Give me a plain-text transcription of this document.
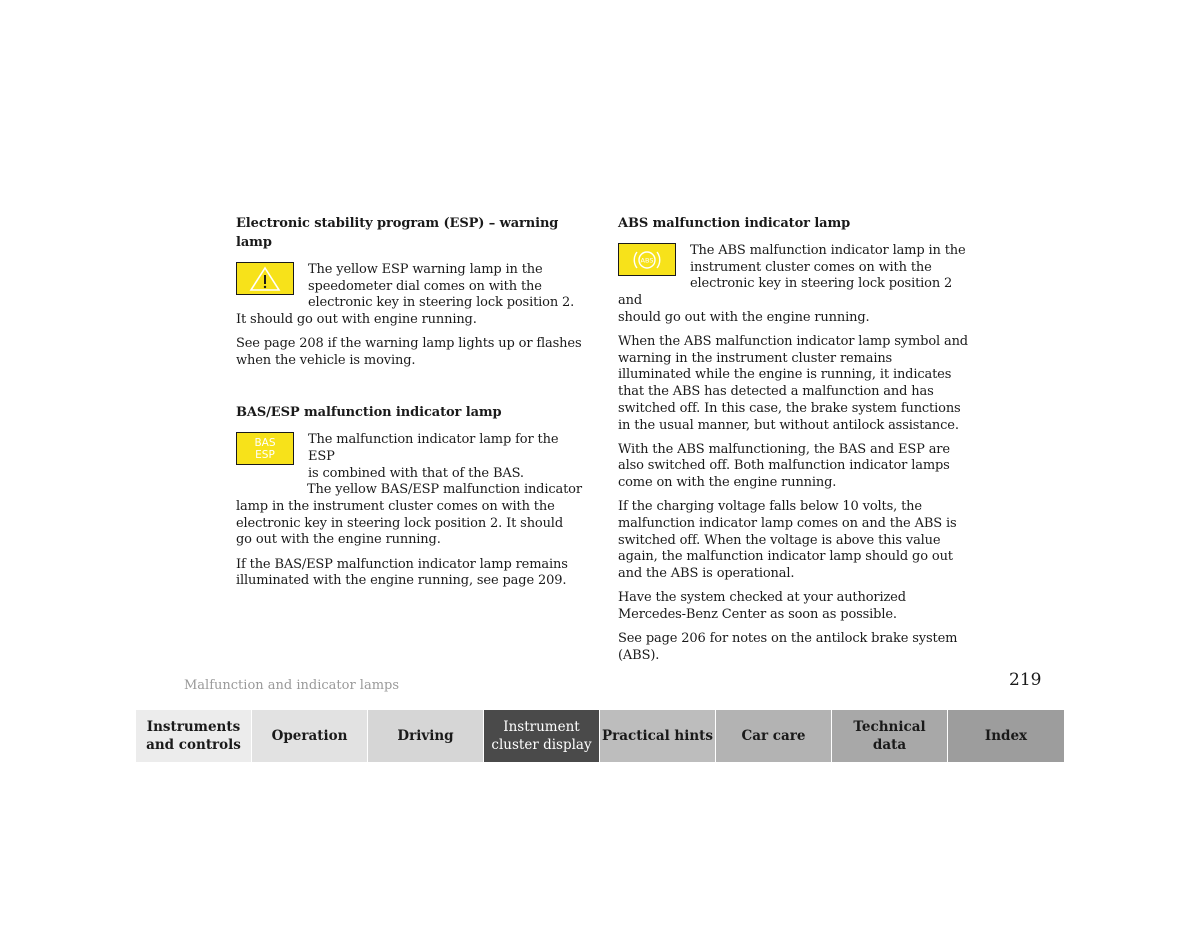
Electronic stability program (ESP) – warning lamp

The yellow ESP warning lamp in the

speedometer dial comes on with the

electronic key in steering lock position 2.

It should go out with engine running.

See page 208 if the warning lamp lights up or flashes when the vehicle is moving.

BAS/ESP malfunction indicator lamp
BAS
ESP

The malfunction indicator lamp for the ESP

is combined with that of the BAS.

The yellow BAS/ESP malfunction indicator lamp in the instrument cluster comes on with the electronic key in steering lock position 2. It should go out with the engine running.

If the BAS/ESP malfunction indicator lamp remains illuminated with the engine running, see page 209.

ABS malfunction indicator lamp
ABS

The ABS malfunction indicator lamp in the

instrument cluster comes on with the

electronic key in steering lock position 2 and

should go out with the engine running.

When the ABS malfunction indicator lamp symbol and warning in the instrument cluster remains illuminated while the engine is running, it indicates that the ABS has detected a malfunction and has switched off. In this case, the brake system functions in the usual manner, but without antilock assistance.

With the ABS malfunctioning, the BAS and ESP are also switched off. Both malfunction indicator lamps come on with the engine running.

If the charging voltage falls below 10 volts, the malfunction indicator lamp comes on and the ABS is switched off. When the voltage is above this value again, the malfunction indicator lamp should go out and the ABS is operational.

Have the system checked at your authorized Mercedes-Benz Center as soon as possible.

See page 206 for notes on the antilock brake system (ABS).

Malfunction and indicator lamps	219
Instruments
and controls
Operation	Driving
Instrument
cluster display
Practical hints Car care
Technical
data
Index
